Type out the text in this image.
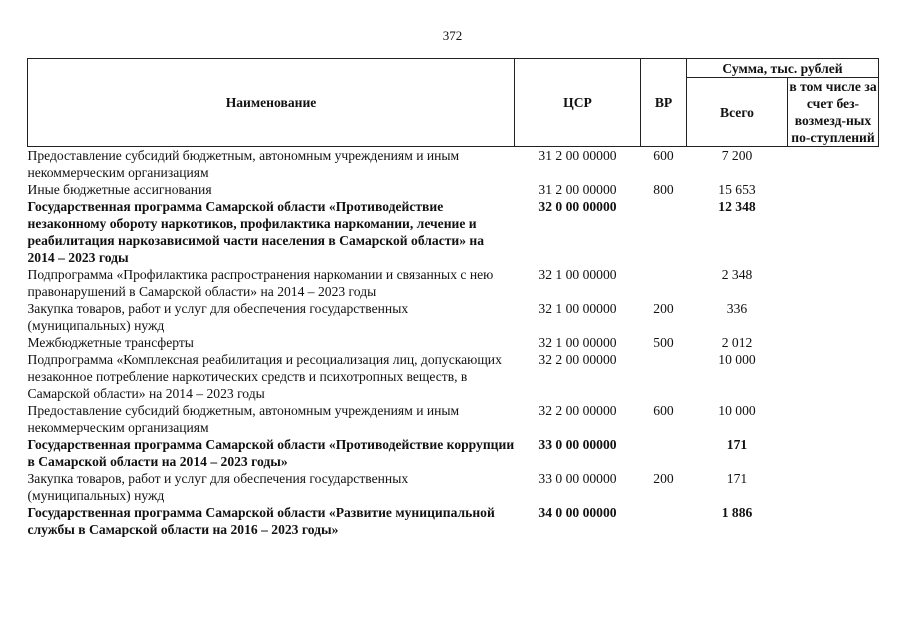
372
Наименование	ЦСР	ВР	Сумма, тыс. рублей	
			Всего	в том числе за счет без-возмезд-ных по-ступлений
Предоставление субсидий бюджетным, автономным учреждениям и иным некоммерческим организациям	31 2 00 00000	600	7 200	
Иные бюджетные ассигнования	31 2 00 00000	800	15 653	
Государственная программа Самарской области «Противодействие незаконному обороту наркотиков, профилактика наркомании, лечение и реабилитация наркозависимой части населения в Самарской области» на 2014 – 2023 годы	32 0 00 00000		12 348	
Подпрограмма «Профилактика распространения наркомании и связанных с нею правонарушений в Самарской области» на 2014 – 2023 годы	32 1 00 00000		2 348	
Закупка товаров, работ и услуг для обеспечения государственных (муниципальных) нужд	32 1 00 00000	200	336	
Межбюджетные трансферты	32 1 00 00000	500	2 012	
Подпрограмма «Комплексная реабилитация и ресоциализация лиц, допускающих незаконное потребление наркотических средств и психотропных веществ, в Самарской области» на 2014 – 2023 годы	32 2 00 00000		10 000	
Предоставление субсидий бюджетным, автономным учреждениям и иным некоммерческим организациям	32 2 00 00000	600	10 000	
Государственная программа Самарской области «Противодействие коррупции в Самарской области на 2014 – 2023 годы»	33 0 00 00000		171	
Закупка товаров, работ и услуг для обеспечения государственных (муниципальных) нужд	33 0 00 00000	200	171	
Государственная программа Самарской области «Развитие муниципальной службы в Самарской области на 2016 – 2023 годы»	34 0 00 00000		1 886	
